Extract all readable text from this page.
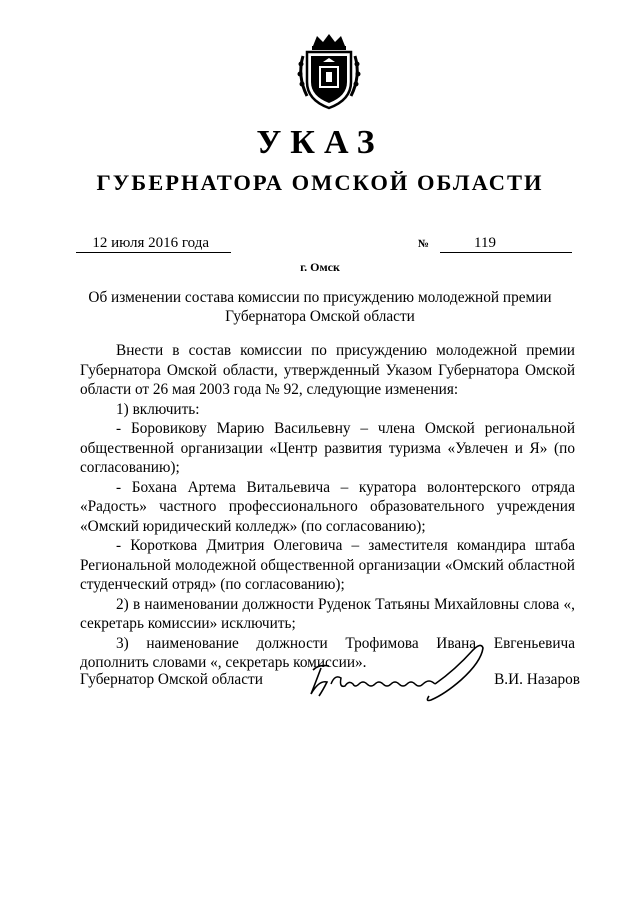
УКАЗ
ГУБЕРНАТОРА ОМСКОЙ ОБЛАСТИ
12 июля 2016 года	№	119
г. Омск
Об изменении состава комиссии по присуждению молодежной премии Губернатора Омской области

Внести в состав комиссии по присуждению молодежной премии Губернатора Омской области, утвержденный Указом Губернатора Омской области от 26 мая 2003 года № 92, следующие изменения:

1) включить:

- Боровикову Марию Васильевну – члена Омской региональной общественной организации «Центр развития туризма «Увлечен и Я» (по согласованию);

- Бохана Артема Витальевича – куратора волонтерского отряда «Радость» частного профессионального образовательного учреждения «Омский юридический колледж» (по согласованию);

- Короткова Дмитрия Олеговича – заместителя командира штаба Региональной молодежной общественной организации «Омский областной студенческий отряд» (по согласованию);

2) в наименовании должности Руденок Татьяны Михайловны слова «, секретарь комиссии» исключить;

3) наименование должности Трофимова Ивана Евгеньевича дополнить словами «, секретарь комиссии».

Губернатор Омской области	В.И. Назаров
